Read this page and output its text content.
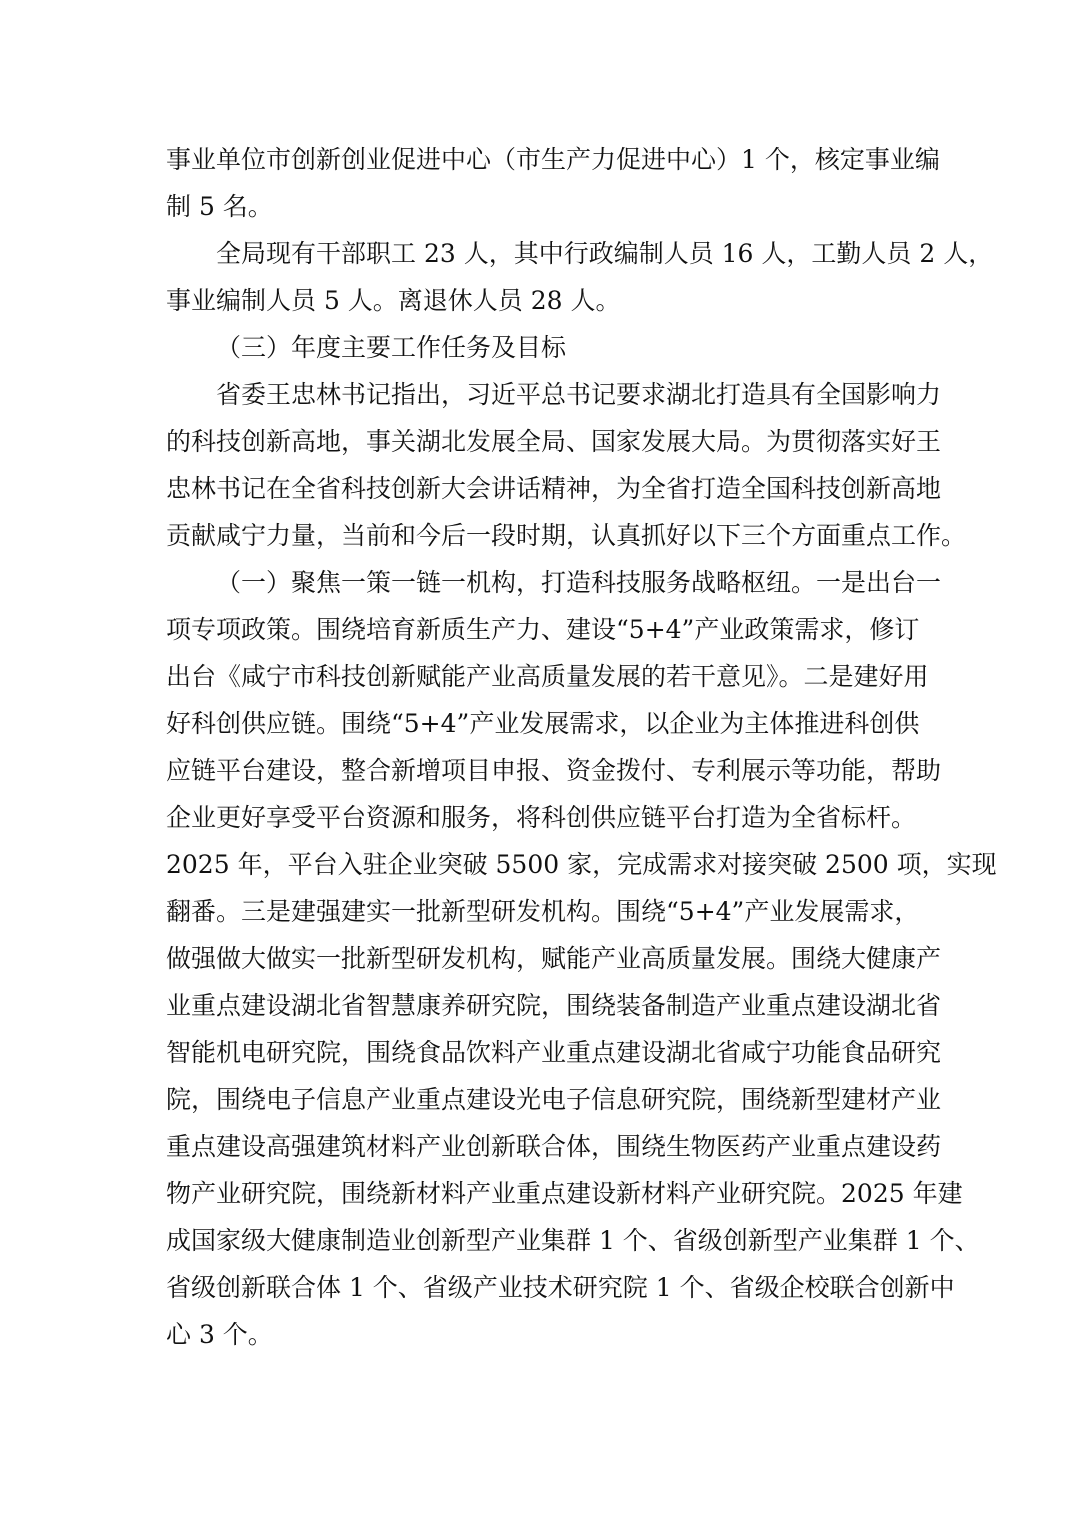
事业单位市创新创业促进中心（市生产力促进中心）1 个，核定事业编
制 5 名。
全局现有干部职工 23 人，其中行政编制人员 16 人，工勤人员 2 人，
事业编制人员 5 人。离退休人员 28 人。
（三）年度主要工作任务及目标
省委王忠林书记指出，习近平总书记要求湖北打造具有全国影响力
的科技创新高地，事关湖北发展全局、国家发展大局。为贯彻落实好王
忠林书记在全省科技创新大会讲话精神，为全省打造全国科技创新高地
贡献咸宁力量，当前和今后一段时期，认真抓好以下三个方面重点工作。
（一）聚焦一策一链一机构，打造科技服务战略枢纽。一是出台一
项专项政策。围绕培育新质生产力、建设“5+4”产业政策需求，修订
出台《咸宁市科技创新赋能产业高质量发展的若干意见》。二是建好用
好科创供应链。围绕“5+4”产业发展需求，以企业为主体推进科创供
应链平台建设，整合新增项目申报、资金拨付、专利展示等功能，帮助
企业更好享受平台资源和服务，将科创供应链平台打造为全省标杆。
2025 年，平台入驻企业突破 5500 家，完成需求对接突破 2500 项，实现
翻番。三是建强建实一批新型研发机构。围绕“5+4”产业发展需求，
做强做大做实一批新型研发机构，赋能产业高质量发展。围绕大健康产
业重点建设湖北省智慧康养研究院，围绕装备制造产业重点建设湖北省
智能机电研究院，围绕食品饮料产业重点建设湖北省咸宁功能食品研究
院，围绕电子信息产业重点建设光电子信息研究院，围绕新型建材产业
重点建设高强建筑材料产业创新联合体，围绕生物医药产业重点建设药
物产业研究院，围绕新材料产业重点建设新材料产业研究院。2025 年建
成国家级大健康制造业创新型产业集群 1 个、省级创新型产业集群 1 个、
省级创新联合体 1 个、省级产业技术研究院 1 个、省级企校联合创新中
心 3 个。
